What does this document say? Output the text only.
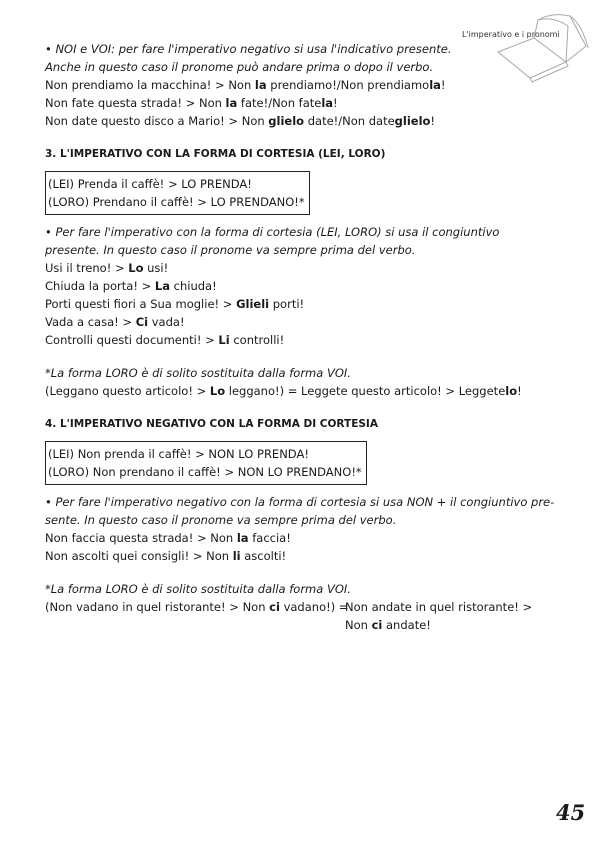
L'imperativo e i pronomi
• NOI e VOI: per fare l'imperativo negativo si usa l'indicativo presente.
Anche in questo caso il pronome può andare prima o dopo il verbo.
Non prendiamo la macchina! > Non la prendiamo!/Non prendiamola!
Non fate questa strada! > Non la fate!/Non fatela!
Non date questo disco a Mario! > Non glielo date!/Non dateglielo!
3. L'IMPERATIVO CON LA FORMA DI CORTESIA (LEI, LORO)
(LEI) Prenda il caffè! > LO PRENDA!
(LORO) Prendano il caffè! > LO PRENDANO!*
• Per fare l'imperativo con la forma di cortesia (LEI, LORO) si usa il congiuntivo
presente. In questo caso il pronome va sempre prima del verbo.
Usi il treno! > Lo usi!
Chiuda la porta! > La chiuda!
Porti questi fiori a Sua moglie! > Glieli porti!
Vada a casa! > Ci vada!
Controlli questi documenti! > Li controlli!
*La forma LORO è di solito sostituita dalla forma VOI.
(Leggano questo articolo! > Lo leggano!) = Leggete questo articolo! > Leggetelo!
4. L'IMPERATIVO NEGATIVO CON LA FORMA DI CORTESIA
(LEI) Non prenda il caffè! > NON LO PRENDA!
(LORO) Non prendano il caffè! > NON LO PRENDANO!*
• Per fare l'imperativo negativo con la forma di cortesia si usa NON + il congiuntivo pre-
sente. In questo caso il pronome va sempre prima del verbo.
Non faccia questa strada! > Non la faccia!
Non ascolti quei consigli! > Non li ascolti!
*La forma LORO è di solito sostituita dalla forma VOI.
(Non vadano in quel ristorante! > Non ci vadano!) =
Non andate in quel ristorante! >
Non ci andate!
45
